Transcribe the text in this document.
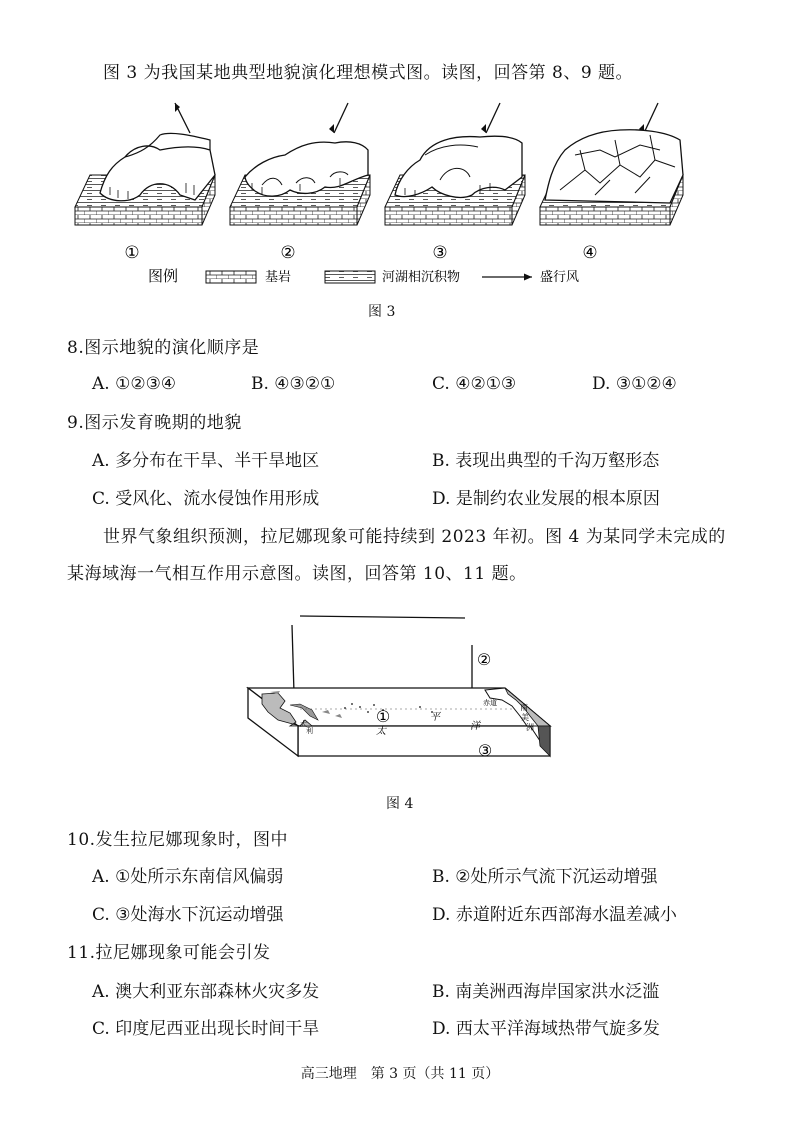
图 3 为我国某地典型地貌演化理想模式图。读图，回答第 8、9 题。
①	②	③	④
图例	基岩	河湖相沉积物	盛行风
图 3
8.图示地貌的演化顺序是
A. ①②③④	B. ④③②①	C. ④②①③	D. ③①②④
9.图示发育晚期的地貌
A. 多分布在干旱、半干旱地区	B. 表现出典型的千沟万壑形态
C. 受风化、流水侵蚀作用形成	D. 是制约农业发展的根本原因
世界气象组织预测，拉尼娜现象可能持续到 2023 年初。图 4 为某同学未完成的
某海域海一气相互作用示意图。读图，回答第 10、11 题。
①
②
③
太
平
洋
赤道	南
美
洲
大
利
图 4
10.发生拉尼娜现象时，图中
A. ①处所示东南信风偏弱	B. ②处所示气流下沉运动增强
C. ③处海水下沉运动增强	D. 赤道附近东西部海水温差减小
11.拉尼娜现象可能会引发
A. 澳大利亚东部森林火灾多发	B. 南美洲西海岸国家洪水泛滥
C. 印度尼西亚出现长时间干旱	D. 西太平洋海域热带气旋多发
高三地理　第 3 页（共 11 页）
